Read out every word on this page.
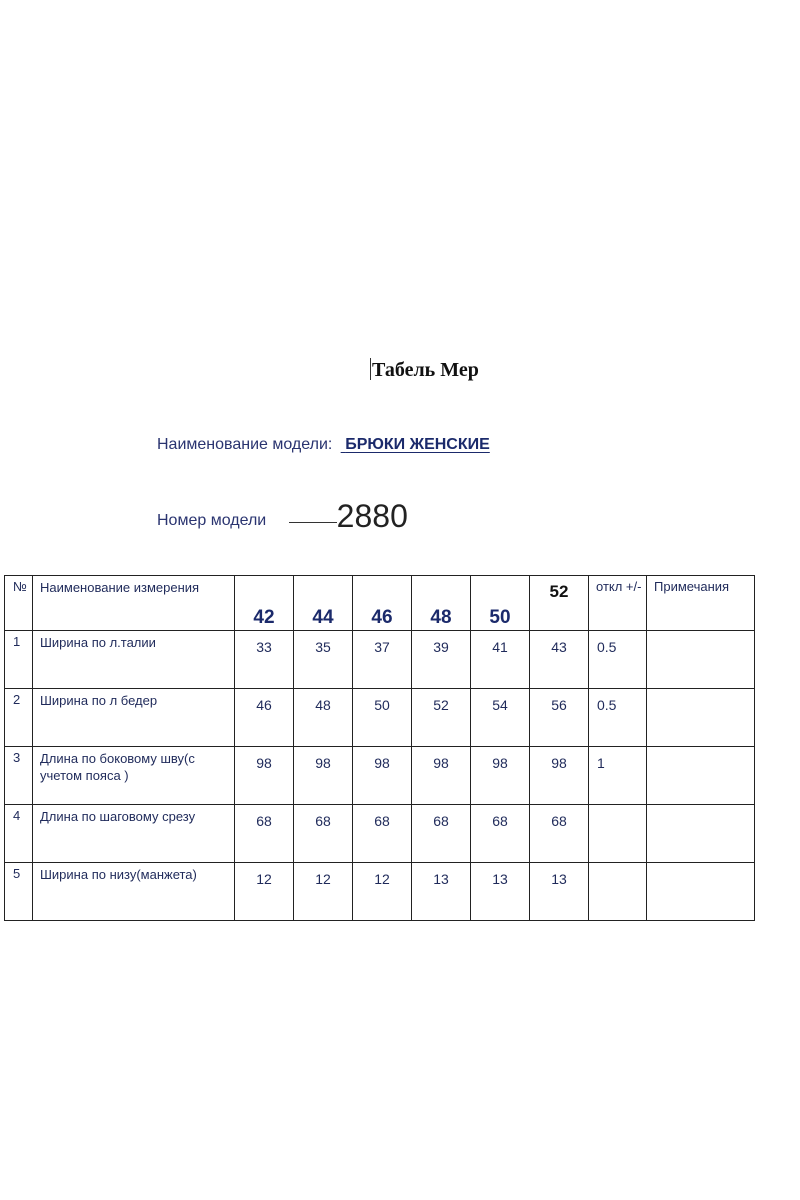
Табель Мер
Наименование модели: БРЮКИ ЖЕНСКИЕ
Номер модели 2880
№	Наименование измерения	42	44	46	48	50	52	откл +/-	Примечания
1	Ширина по л.талии	33	35	37	39	41	43	0.5	
2	Ширина по л бедер	46	48	50	52	54	56	0.5	
3	Длина по боковому шву(с учетом пояса )	98	98	98	98	98	98	1	
4	Длина по шаговому срезу	68	68	68	68	68	68		
5	Ширина по низу(манжета)	12	12	12	13	13	13		
